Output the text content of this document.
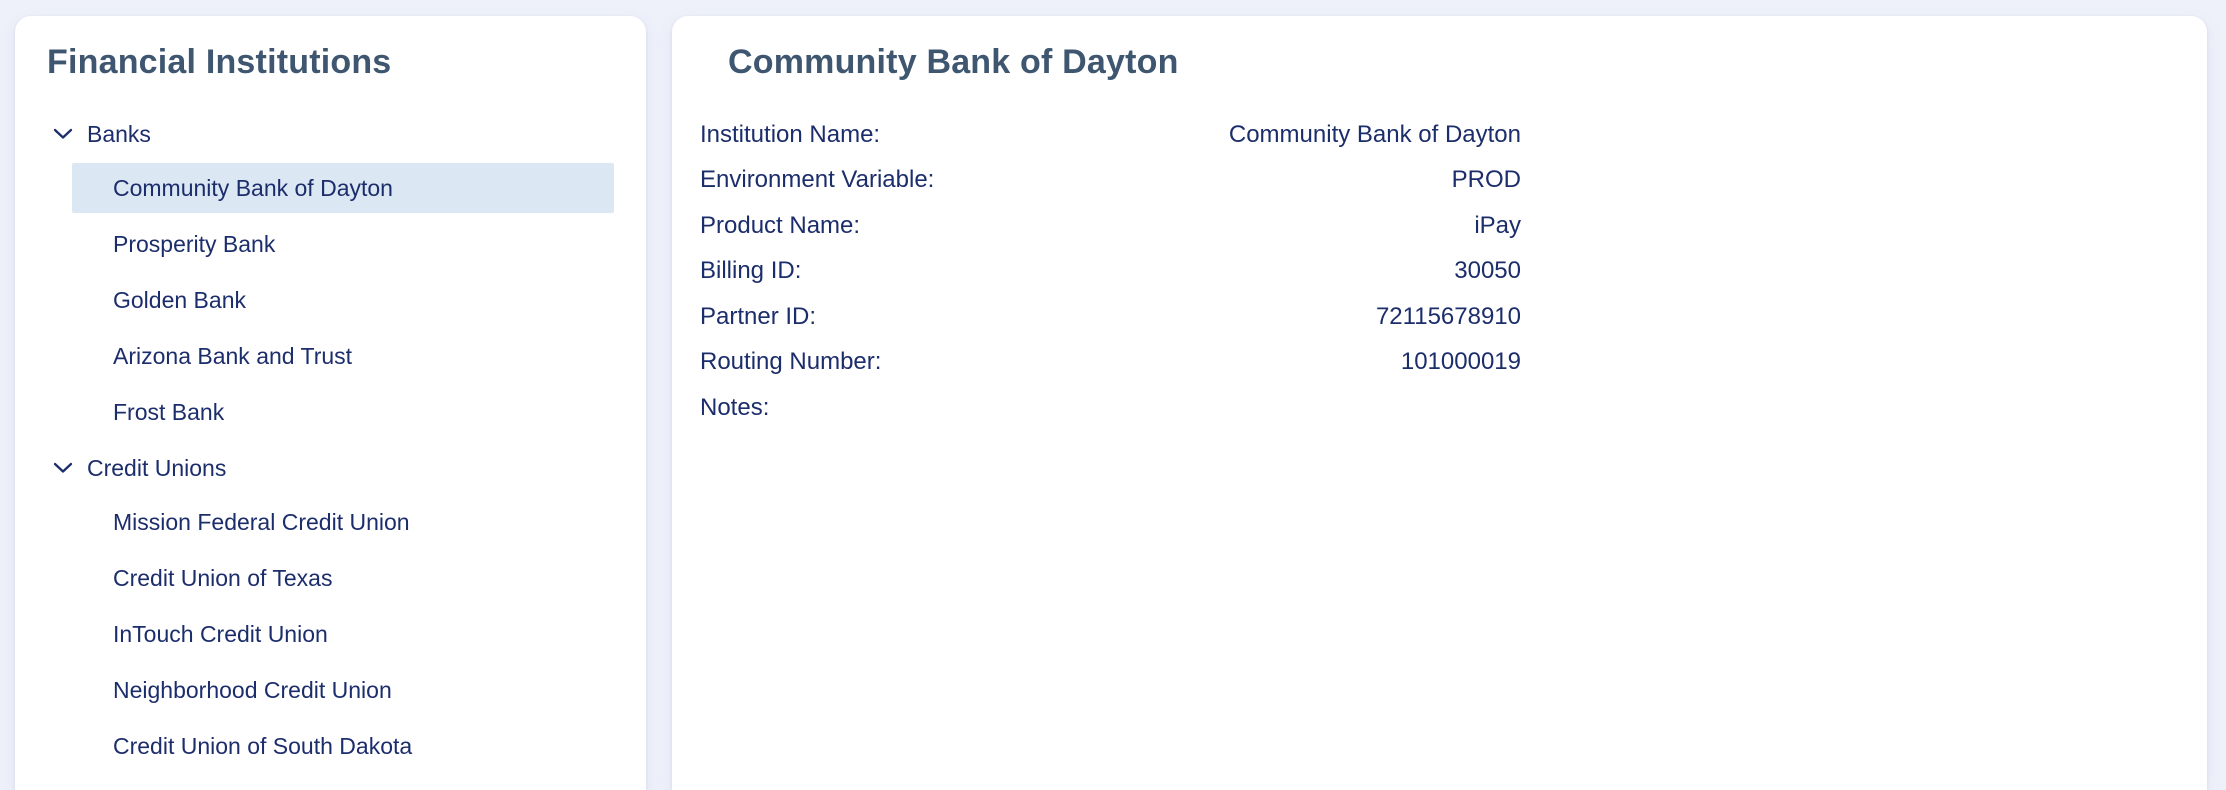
Financial Institutions
Banks
Community Bank of Dayton
Prosperity Bank
Golden Bank
Arizona Bank and Trust
Frost Bank
Credit Unions
Mission Federal Credit Union
Credit Union of Texas
InTouch Credit Union
Neighborhood Credit Union
Credit Union of South Dakota
Community Bank of Dayton
Institution Name:	Community Bank of Dayton
Environment Variable:	PROD
Product Name:	iPay
Billing ID:	30050
Partner ID:	72115678910
Routing Number:	101000019
Notes:
